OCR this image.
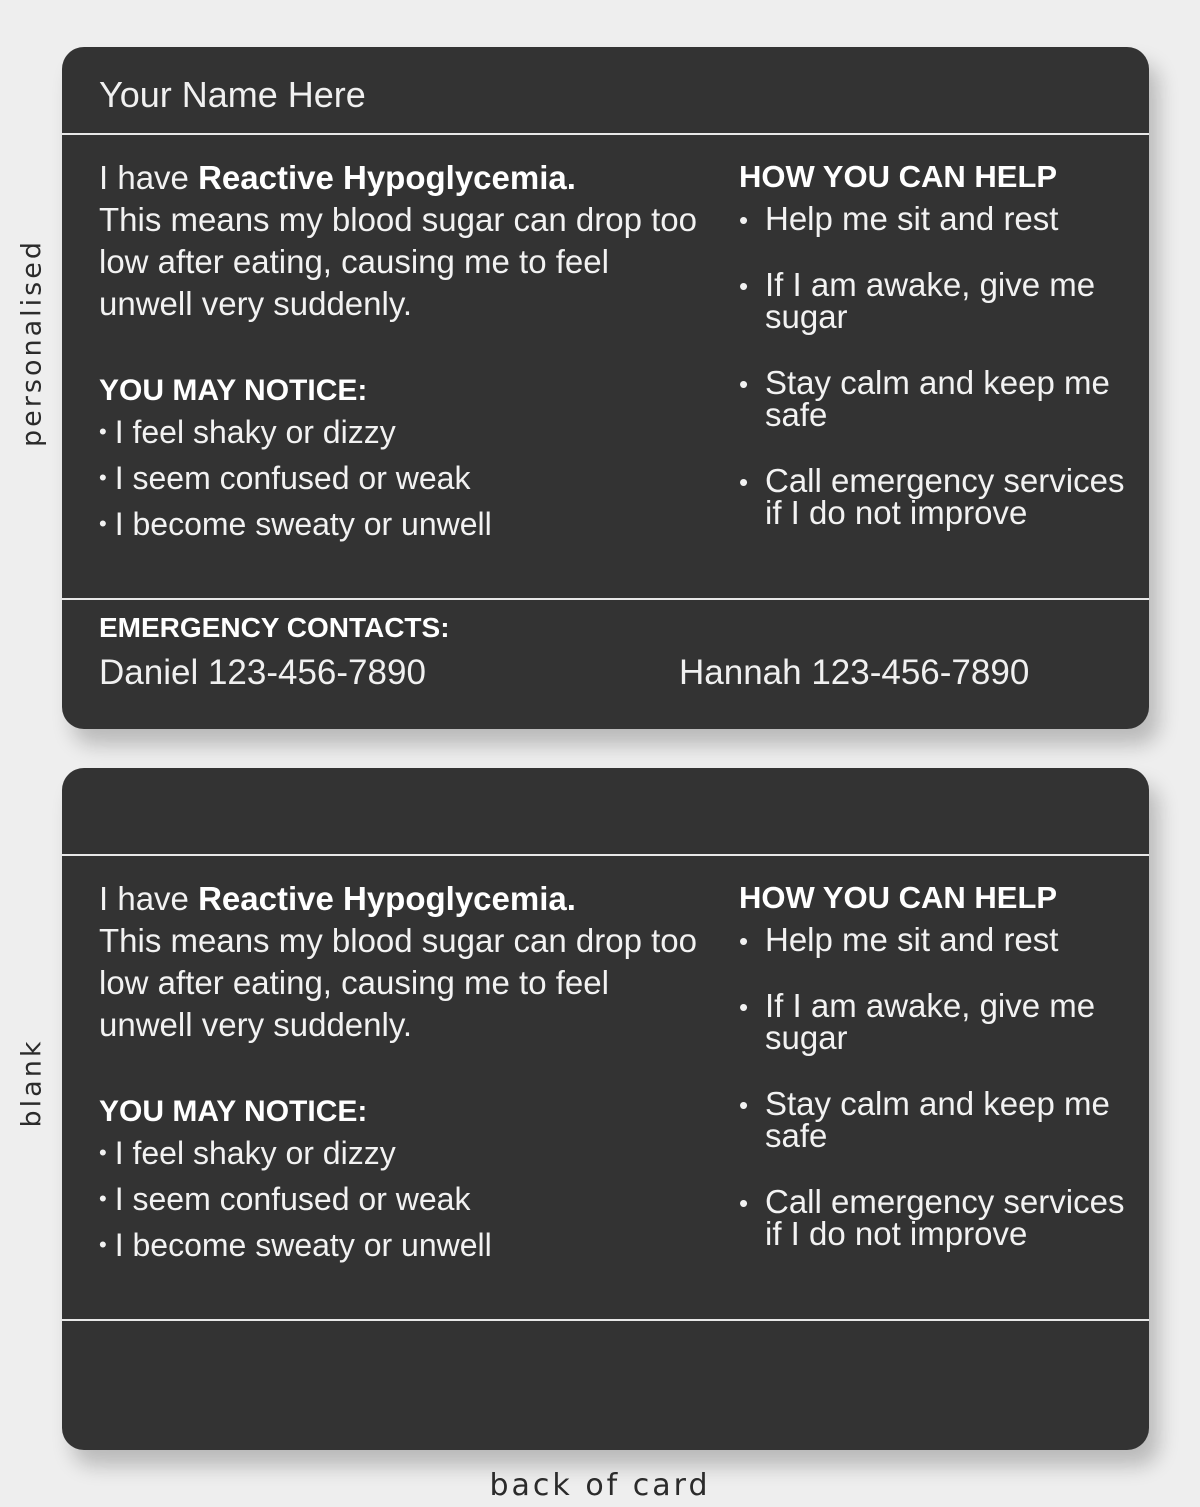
personalised
blank
Your Name Here

I have Reactive Hypoglycemia.
This means my blood sugar can drop too low after eating, causing me to feel unwell very suddenly.

YOU MAY NOTICE:
• I feel shaky or dizzy
• I seem confused or weak
• I become sweaty or unwell
HOW YOU CAN HELP
• Help me sit and rest
• If I am awake, give me sugar
• Stay calm and keep me safe
• Call emergency services if I do not improve
EMERGENCY CONTACTS:
Daniel 123-456-7890	Hannah 123-456-7890

I have Reactive Hypoglycemia.
This means my blood sugar can drop too low after eating, causing me to feel unwell very suddenly.

YOU MAY NOTICE:
• I feel shaky or dizzy
• I seem confused or weak
• I become sweaty or unwell
HOW YOU CAN HELP
• Help me sit and rest
• If I am awake, give me sugar
• Stay calm and keep me safe
• Call emergency services if I do not improve
back of card
